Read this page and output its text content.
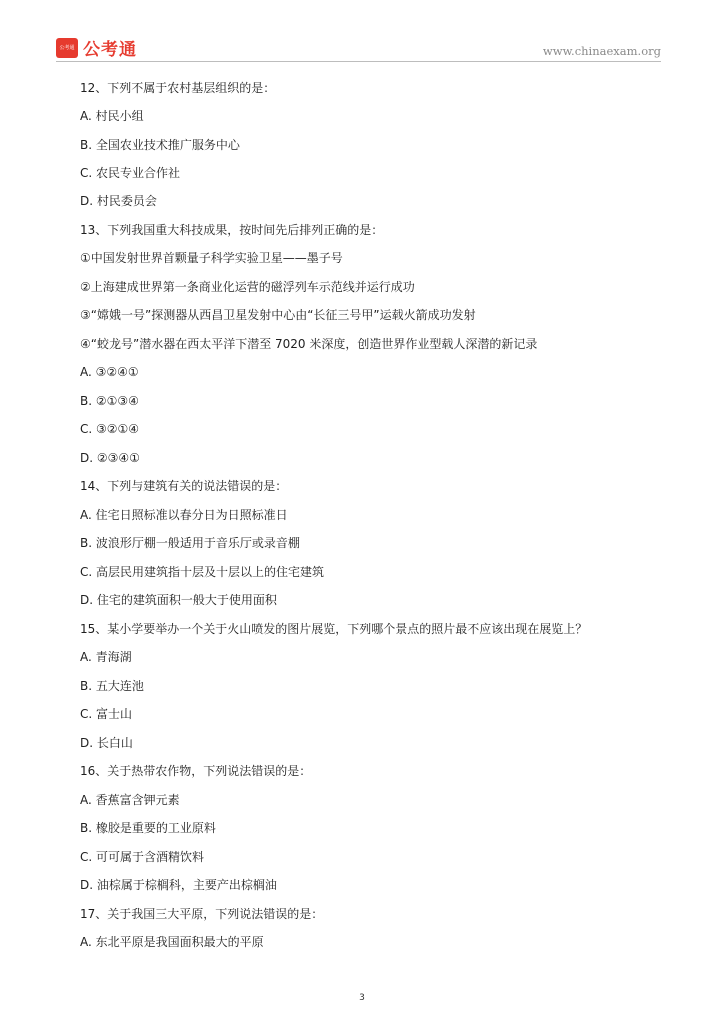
公考通 公考通	www.chinaexam.org
12、下列不属于农村基层组织的是：
A. 村民小组
B. 全国农业技术推广服务中心
C. 农民专业合作社
D. 村民委员会
13、下列我国重大科技成果，按时间先后排列正确的是：
①中国发射世界首颗量子科学实验卫星——墨子号
②上海建成世界第一条商业化运营的磁浮列车示范线并运行成功
③“嫦娥一号”探测器从西昌卫星发射中心由“长征三号甲”运载火箭成功发射
④“蛟龙号”潜水器在西太平洋下潜至 7020 米深度，创造世界作业型载人深潜的新记录
A. ③②④①
B. ②①③④
C. ③②①④
D. ②③④①
14、下列与建筑有关的说法错误的是：
A. 住宅日照标准以春分日为日照标准日
B. 波浪形厅棚一般适用于音乐厅或录音棚
C. 高层民用建筑指十层及十层以上的住宅建筑
D. 住宅的建筑面积一般大于使用面积
15、某小学要举办一个关于火山喷发的图片展览，下列哪个景点的照片最不应该出现在展览上？
A. 青海湖
B. 五大连池
C. 富士山
D. 长白山
16、关于热带农作物，下列说法错误的是：
A. 香蕉富含钾元素
B. 橡胶是重要的工业原料
C. 可可属于含酒精饮料
D. 油棕属于棕榈科，主要产出棕榈油
17、关于我国三大平原，下列说法错误的是：
A. 东北平原是我国面积最大的平原
3
